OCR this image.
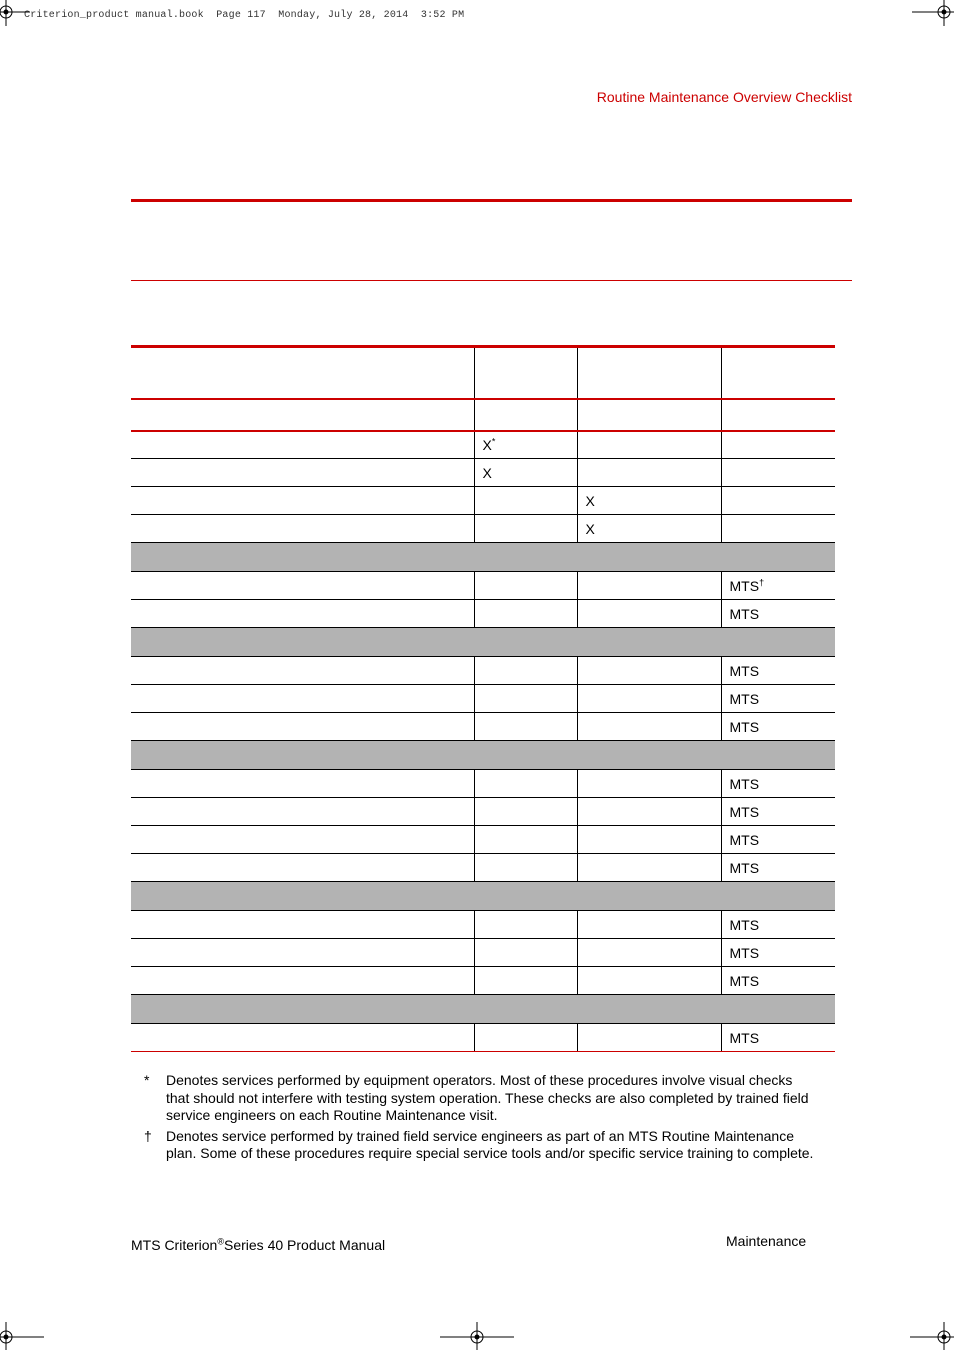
Criterion_product manual.book  Page 117  Monday, July 28, 2014  3:52 PM
Routine Maintenance Overview Checklist

	X*		
	X		
		X	
		X	

			MTS†
			MTS

			MTS
			MTS
			MTS

			MTS
			MTS
			MTS
			MTS

			MTS
			MTS
			MTS

			MTS
*	Denotes services performed by equipment operators. Most of these procedures involve visual checks that should not interfere with testing system operation. These checks are also completed by trained field service engineers on each Routine Maintenance visit.
†	Denotes service performed by trained field service engineers as part of an MTS Routine Maintenance plan. Some of these procedures require special service tools and/or specific service training to complete.
MTS Criterion®Series 40 Product Manual	Maintenance
